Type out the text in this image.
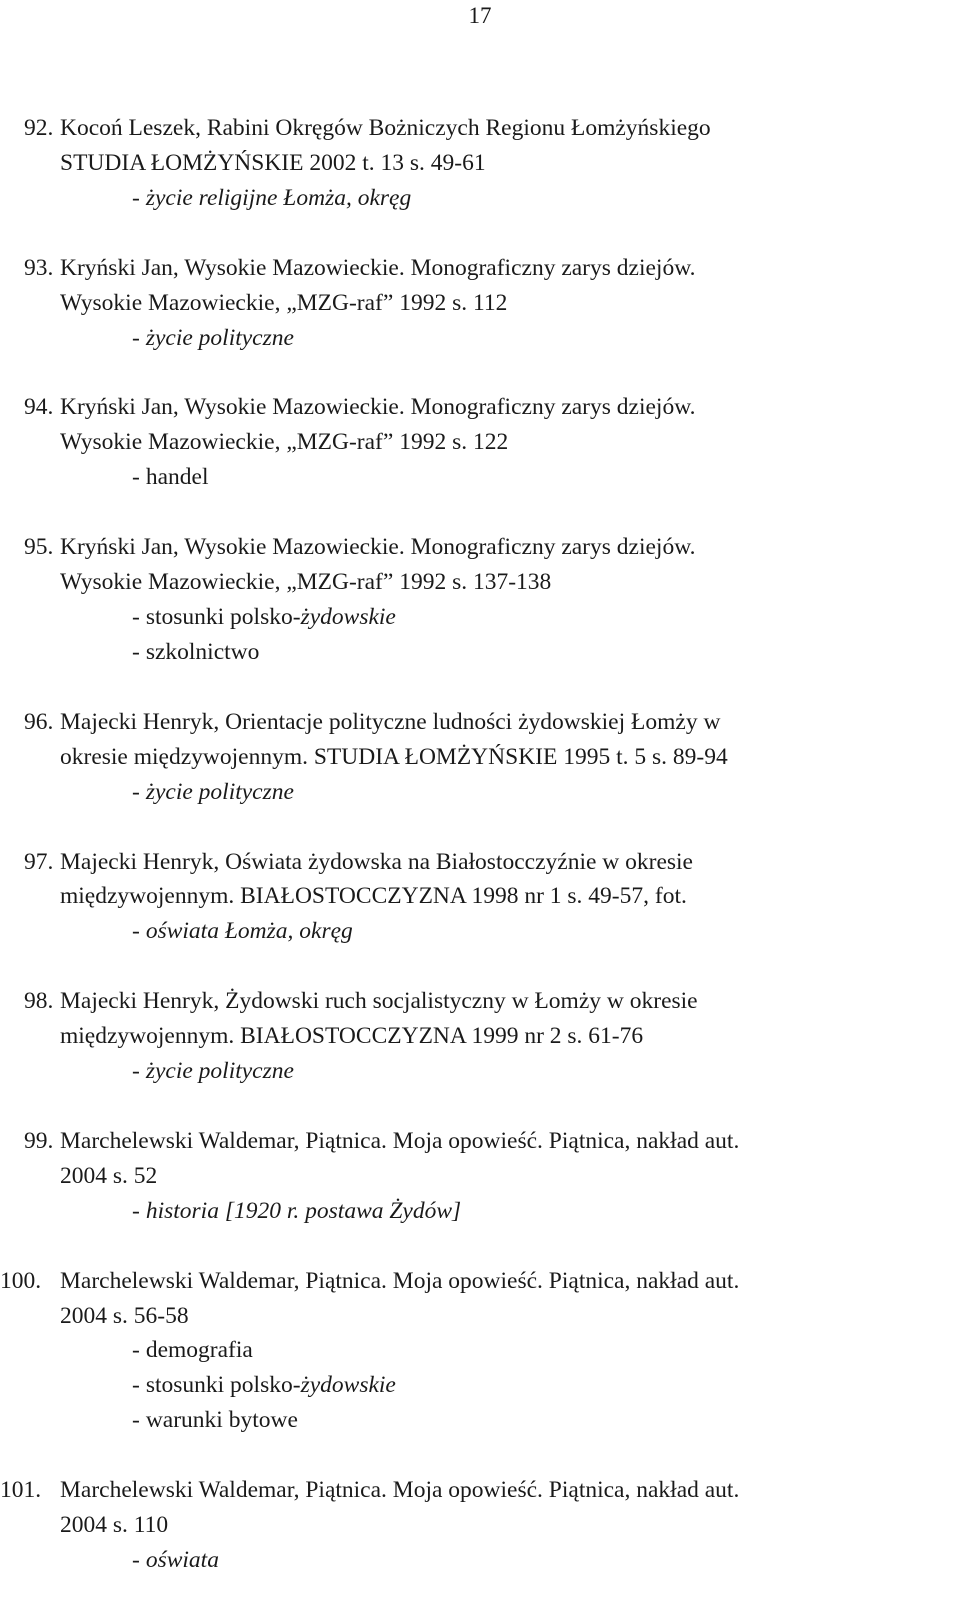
17
92. Kocoń Leszek, Rabini Okręgów Bożniczych Regionu Łomżyńskiego
STUDIA ŁOMŻYŃSKIE 2002 t. 13 s. 49-61
- życie religijne Łomża, okręg
93. Kryński Jan, Wysokie Mazowieckie. Monograficzny zarys dziejów.
Wysokie Mazowieckie, „MZG-raf” 1992 s. 112
- życie polityczne
94. Kryński Jan, Wysokie Mazowieckie. Monograficzny zarys dziejów.
Wysokie Mazowieckie, „MZG-raf” 1992 s. 122
- handel
95. Kryński Jan, Wysokie Mazowieckie. Monograficzny zarys dziejów.
Wysokie Mazowieckie, „MZG-raf” 1992 s. 137-138
- stosunki polsko-żydowskie
- szkolnictwo
96. Majecki Henryk, Orientacje polityczne ludności żydowskiej Łomży w
okresie międzywojennym. STUDIA ŁOMŻYŃSKIE 1995 t. 5 s. 89-94
- życie polityczne
97. Majecki Henryk, Oświata żydowska na Białostocczyźnie w okresie
międzywojennym. BIAŁOSTOCCZYZNA 1998 nr 1 s. 49-57, fot.
- oświata Łomża, okręg
98. Majecki Henryk, Żydowski ruch socjalistyczny w Łomży w okresie
międzywojennym. BIAŁOSTOCCZYZNA 1999 nr 2 s. 61-76
- życie polityczne
99. Marchelewski Waldemar, Piątnica. Moja opowieść. Piątnica, nakład aut.
2004 s. 52
- historia [1920 r. postawa Żydów]
100. Marchelewski Waldemar, Piątnica. Moja opowieść. Piątnica, nakład aut.
2004 s. 56-58
- demografia
- stosunki polsko-żydowskie
- warunki bytowe
101. Marchelewski Waldemar, Piątnica. Moja opowieść. Piątnica, nakład aut.
2004 s. 110
- oświata
